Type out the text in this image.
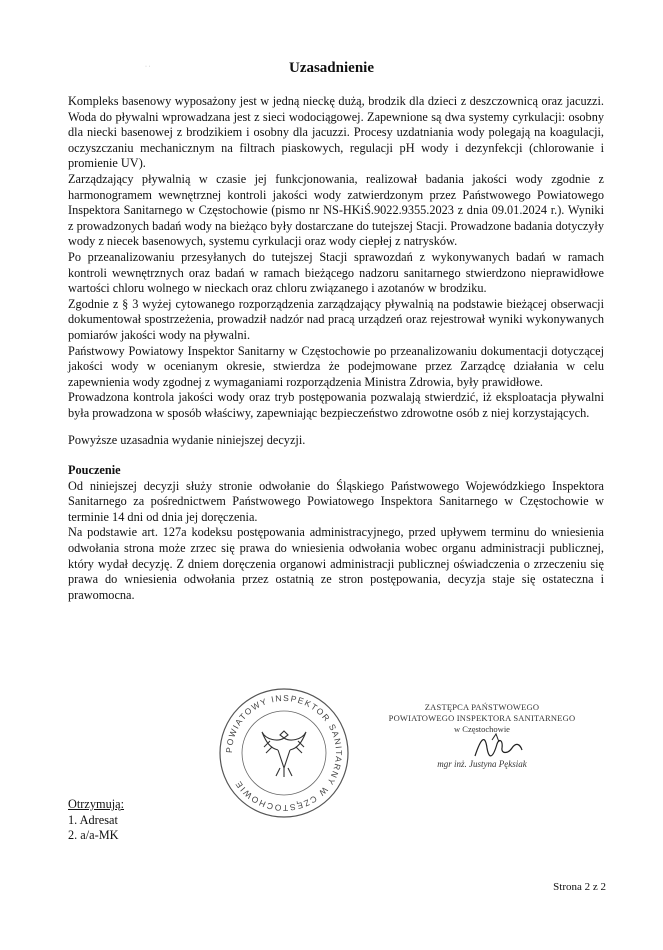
· ·	Uzasadnienie

Kompleks basenowy wyposażony jest w jedną nieckę dużą, brodzik dla dzieci z deszczownicą oraz jacuzzi. Woda do pływalni wprowadzana jest z sieci wodociągowej. Zapewnione są dwa systemy cyrkulacji: osobny dla niecki basenowej z brodzikiem i osobny dla jacuzzi. Procesy uzdatniania wody polegają na koagulacji, oczyszczaniu mechanicznym na filtrach piaskowych, regulacji pH wody i dezynfekcji (chlorowanie i promienie UV).

Zarządzający pływalnią w czasie jej funkcjonowania, realizował badania jakości wody zgodnie z harmonogramem wewnętrznej kontroli jakości wody zatwierdzonym przez Państwowego Powiatowego Inspektora Sanitarnego w Częstochowie (pismo nr NS-HKiŚ.9022.9355.2023 z dnia 09.01.2024 r.). Wyniki z prowadzonych badań wody na bieżąco były dostarczane do tutejszej Stacji. Prowadzone badania dotyczyły wody z niecek basenowych, systemu cyrkulacji oraz wody ciepłej z natrysków.

Po przeanalizowaniu przesyłanych do tutejszej Stacji sprawozdań z wykonywanych badań w ramach kontroli wewnętrznych oraz badań w ramach bieżącego nadzoru sanitarnego stwierdzono nieprawidłowe wartości chloru wolnego w nieckach oraz chloru związanego i azotanów w brodziku.

Zgodnie z § 3 wyżej cytowanego rozporządzenia zarządzający pływalnią na podstawie bieżącej obserwacji dokumentował spostrzeżenia, prowadził nadzór nad pracą urządzeń oraz rejestrował wyniki wykonywanych pomiarów jakości wody na pływalni.

Państwowy Powiatowy Inspektor Sanitarny w Częstochowie po przeanalizowaniu dokumentacji dotyczącej jakości wody w ocenianym okresie, stwierdza że podejmowane przez Zarządcę działania w celu zapewnienia wody zgodnej z wymaganiami rozporządzenia Ministra Zdrowia, były prawidłowe.

Prowadzona kontrola jakości wody oraz tryb postępowania pozwalają stwierdzić, iż eksploatacja pływalni była prowadzona w sposób właściwy, zapewniając bezpieczeństwo zdrowotne osób z niej korzystających.

Powyższe uzasadnia wydanie niniejszej decyzji.

Pouczenie

Od niniejszej decyzji służy stronie odwołanie do Śląskiego Państwowego Wojewódzkiego Inspektora Sanitarnego za pośrednictwem Państwowego Powiatowego Inspektora Sanitarnego w Częstochowie w terminie 14 dni od dnia jej doręczenia.

Na podstawie art. 127a kodeksu postępowania administracyjnego, przed upływem terminu do wniesienia odwołania strona może zrzec się prawa do wniesienia odwołania wobec organu administracji publicznej, który wydał decyzję. Z dniem doręczenia organowi administracji publicznej oświadczenia o zrzeczeniu się prawa do wniesienia odwołania przez ostatnią ze stron postępowania, decyzja staje się ostateczna i prawomocna.

POWIATOWY INSPEKTOR SANITARNY W CZĘSTOCHOWIE
ZASTĘPCA PAŃSTWOWEGO
POWIATOWEGO INSPEKTORA SANITARNEGO
w Częstochowie
mgr inż. Justyna Pęksiak
Otrzymują:
1. Adresat
2. a/a-MK
Strona 2 z 2
